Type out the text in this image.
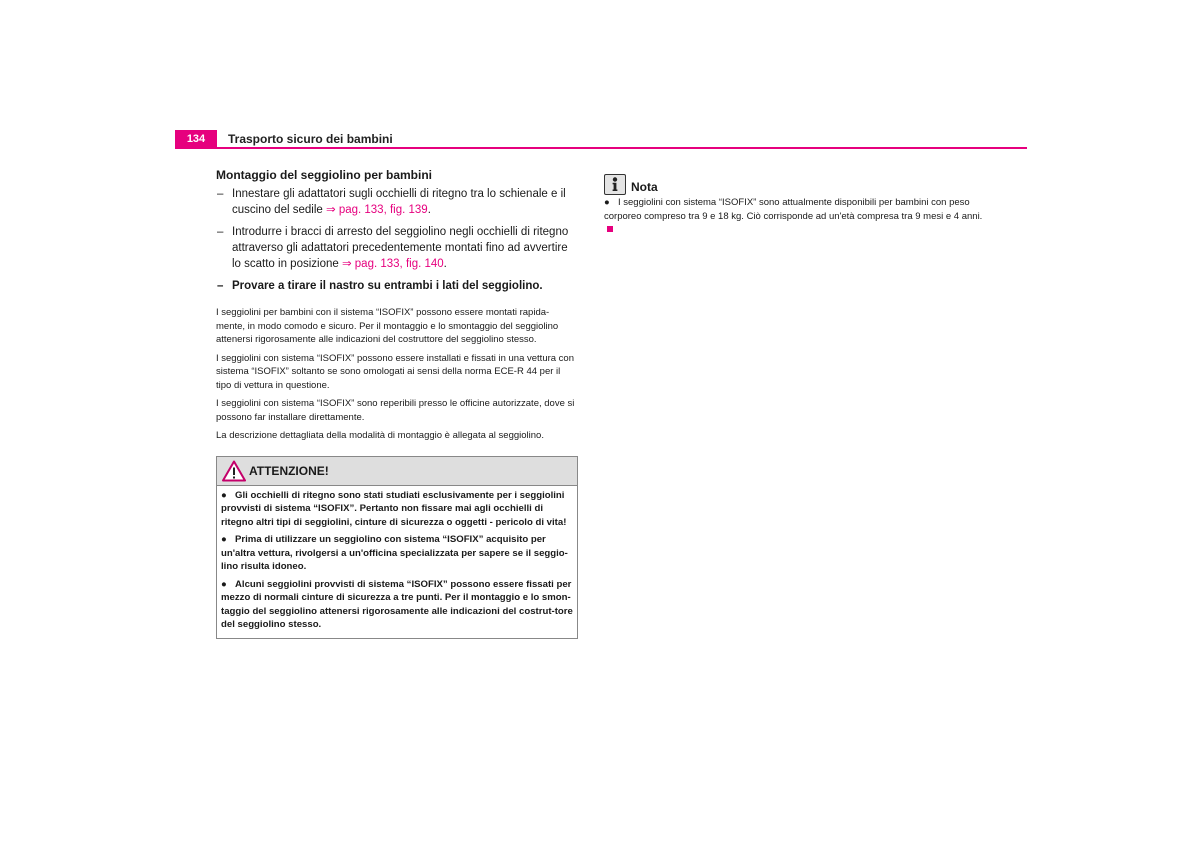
134	Trasporto sicuro dei bambini
Montaggio del seggiolino per bambini
– Innestare gli adattatori sugli occhielli di ritegno tra lo schienale e il cuscino del sedile ⇒ pag. 133, fig. 139.
– Introdurre i bracci di arresto del seggiolino negli occhielli di ritegno attraverso gli adattatori precedentemente montati fino ad avvertire lo scatto in posizione ⇒ pag. 133, fig. 140.
– Provare a tirare il nastro su entrambi i lati del seggiolino.

I seggiolini per bambini con il sistema “ISOFIX” possono essere montati rapida-mente, in modo comodo e sicuro. Per il montaggio e lo smontaggio del seggiolino attenersi rigorosamente alle indicazioni del costruttore del seggiolino stesso.

I seggiolini con sistema “ISOFIX” possono essere installati e fissati in una vettura con sistema “ISOFIX” soltanto se sono omologati ai sensi della norma ECE-R 44 per il tipo di vettura in questione.

I seggiolini con sistema “ISOFIX” sono reperibili presso le officine autorizzate, dove si possono far installare direttamente.

La descrizione dettagliata della modalità di montaggio è allegata al seggiolino.

ATTENZIONE!
● Gli occhielli di ritegno sono stati studiati esclusivamente per i seggiolini provvisti di sistema “ISOFIX”. Pertanto non fissare mai agli occhielli di ritegno altri tipi di seggiolini, cinture di sicurezza o oggetti - pericolo di vita!
● Prima di utilizzare un seggiolino con sistema “ISOFIX” acquisito per un'altra vettura, rivolgersi a un'officina specializzata per sapere se il seggio-lino risulta idoneo.
● Alcuni seggiolini provvisti di sistema “ISOFIX” possono essere fissati per mezzo di normali cinture di sicurezza a tre punti. Per il montaggio e lo smon-taggio del seggiolino attenersi rigorosamente alle indicazioni del costrut-tore del seggiolino stesso.
Nota
● I seggiolini con sistema “ISOFIX” sono attualmente disponibili per bambini con peso corporeo compreso tra 9 e 18 kg. Ciò corrisponde ad un'età compresa tra 9 mesi e 4 anni.
